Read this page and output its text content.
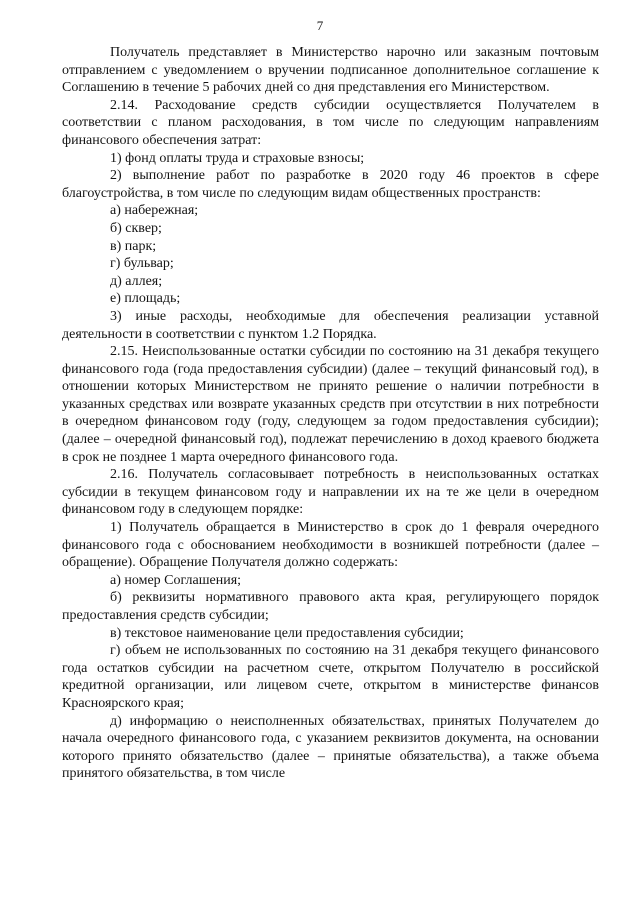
7

Получатель представляет в Министерство нарочно или заказным почтовым отправлением с уведомлением о вручении подписанное дополнительное соглашение к Соглашению в течение 5 рабочих дней со дня представления его Министерством.

2.14. Расходование средств субсидии осуществляется Получателем в соответствии с планом расходования, в том числе по следующим направлениям финансового обеспечения затрат:

1) фонд оплаты труда и страховые взносы;

2) выполнение работ по разработке в 2020 году 46 проектов в сфере благоустройства, в том числе по следующим видам общественных пространств:

а) набережная;

б) сквер;

в) парк;

г) бульвар;

д) аллея;

е) площадь;

3) иные расходы, необходимые для обеспечения реализации уставной деятельности в соответствии с пунктом 1.2 Порядка.

2.15. Неиспользованные остатки субсидии по состоянию на 31 декабря текущего финансового года (года предоставления субсидии) (далее – текущий финансовый год), в отношении которых Министерством не принято решение о наличии потребности в указанных средствах или возврате указанных средств при отсутствии в них потребности в очередном финансовом году (году, следующем за годом предоставления субсидии); (далее – очередной финансовый год), подлежат перечислению в доход краевого бюджета в срок не позднее 1 марта очередного финансового года.

2.16. Получатель согласовывает потребность в неиспользованных остатках субсидии в текущем финансовом году и направлении их на те же цели в очередном финансовом году в следующем порядке:

1) Получатель обращается в Министерство в срок до 1 февраля очередного финансового года с обоснованием необходимости в возникшей потребности (далее – обращение). Обращение Получателя должно содержать:

а) номер Соглашения;

б) реквизиты нормативного правового акта края, регулирующего порядок предоставления средств субсидии;

в) текстовое наименование цели предоставления субсидии;

г) объем не использованных по состоянию на 31 декабря текущего финансового года остатков субсидии на расчетном счете, открытом Получателю в российской кредитной организации, или лицевом счете, открытом в министерстве финансов Красноярского края;

д) информацию о неисполненных обязательствах, принятых Получателем до начала очередного финансового года, с указанием реквизитов документа, на основании которого принято обязательство (далее – принятые обязательства), а также объема принятого обязательства, в том числе
